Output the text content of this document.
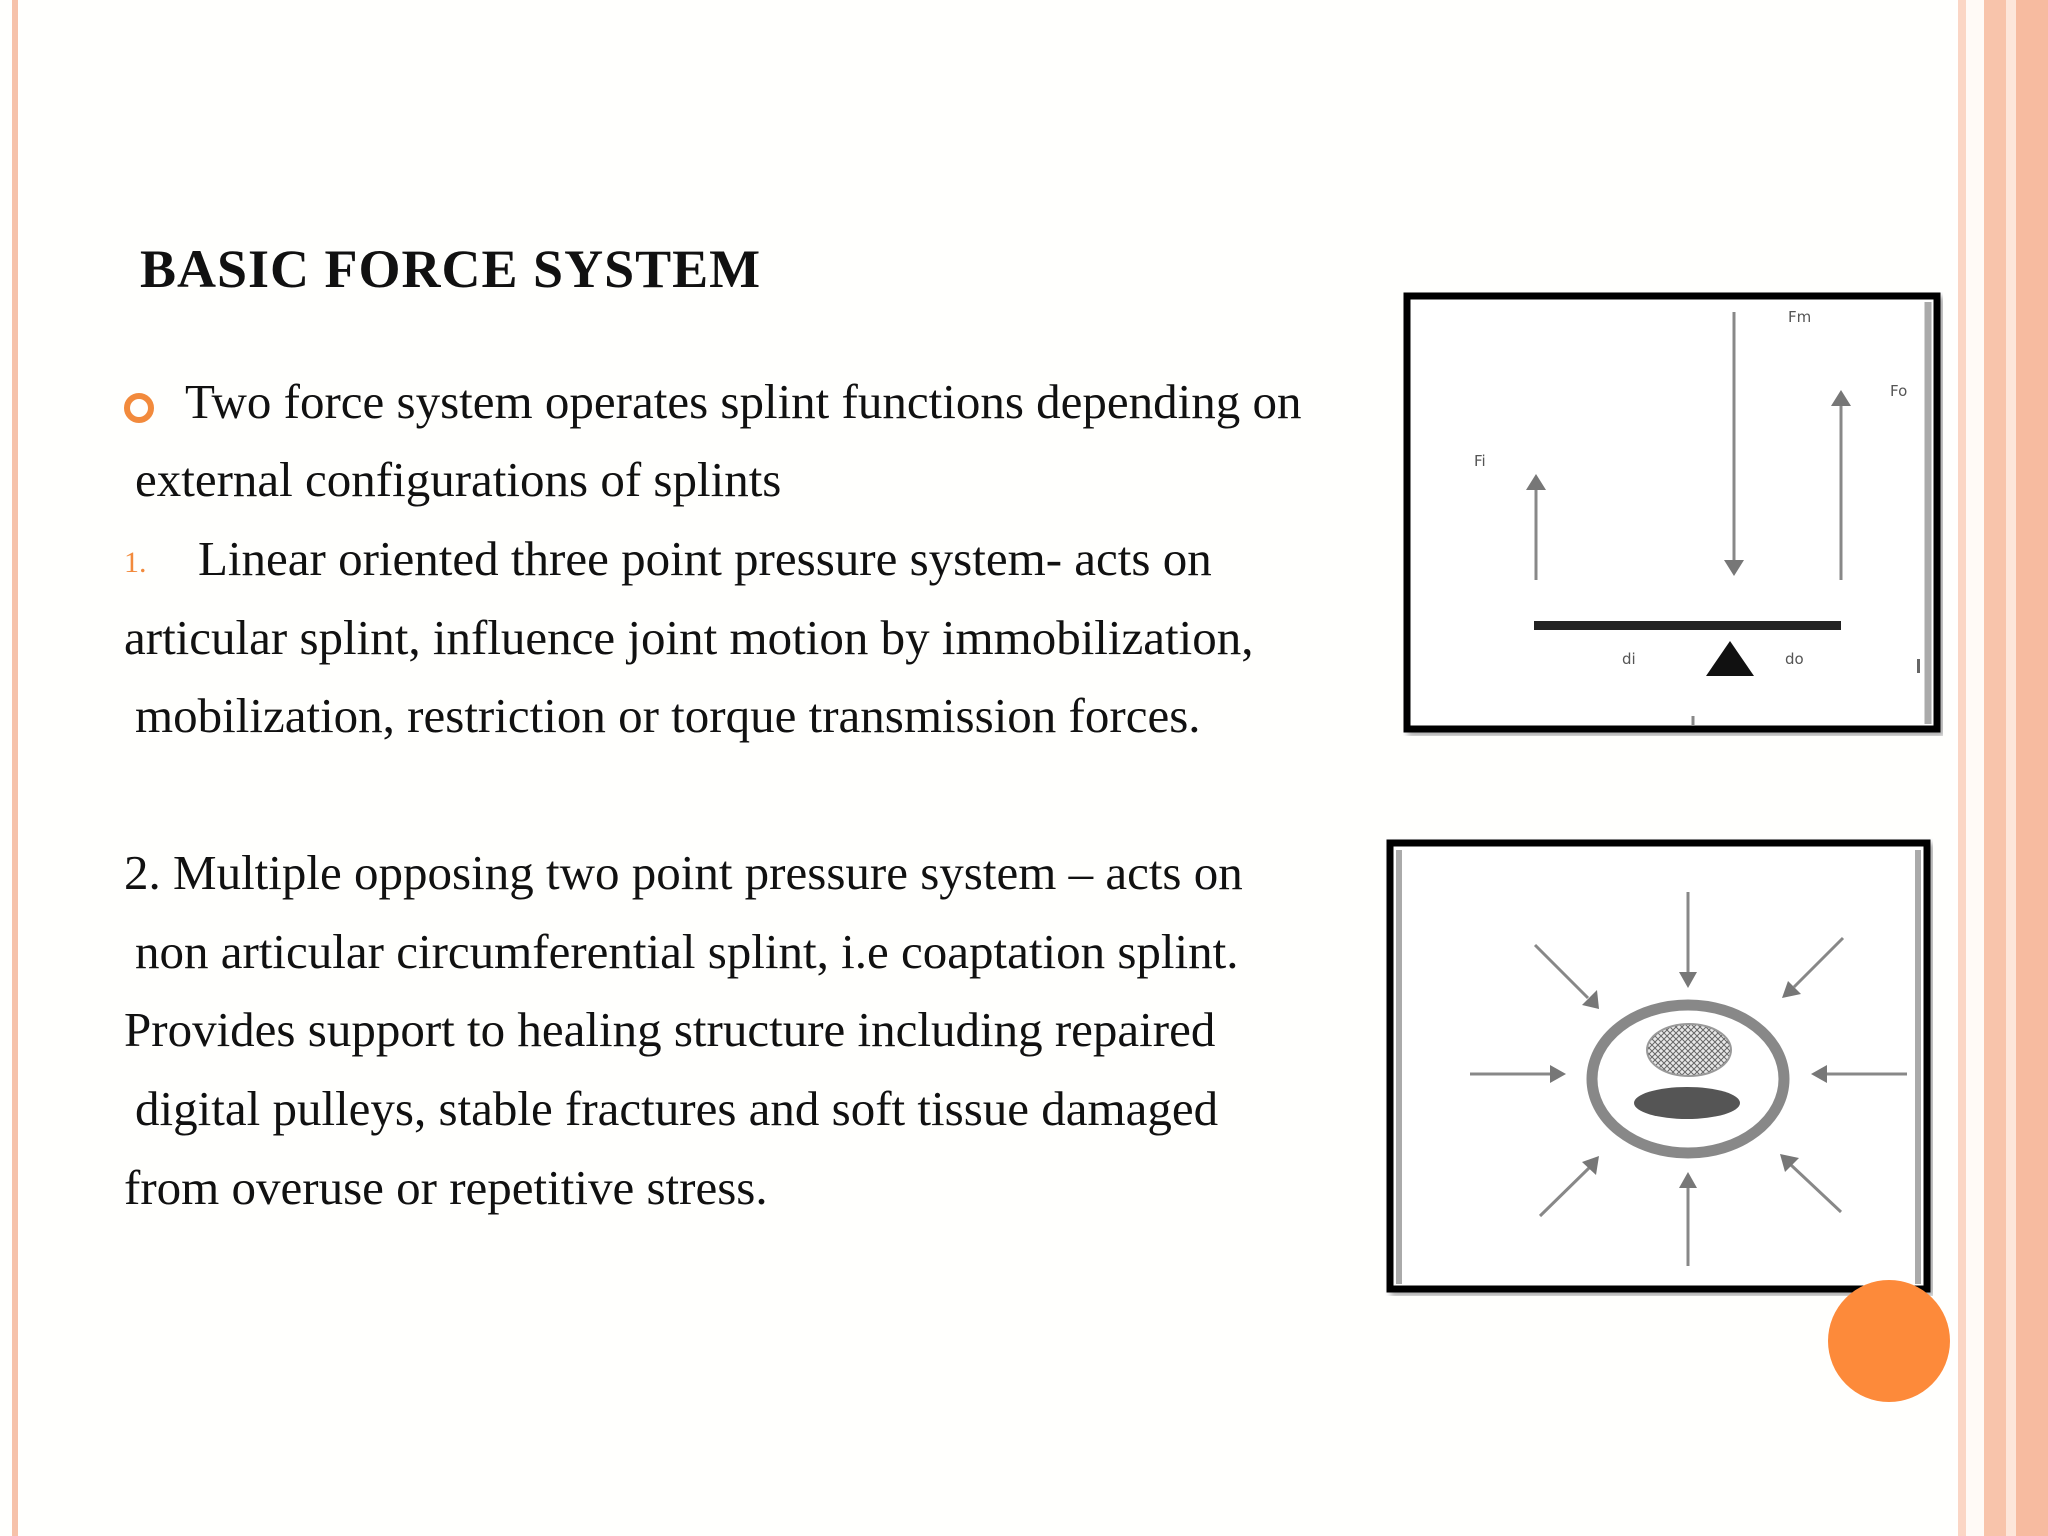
BASIC FORCE SYSTEM

Two force system operates splint functions depending on

external configurations of splints

1. Linear oriented three point pressure system- acts on

articular splint, influence joint motion by immobilization,

mobilization, restriction or torque transmission forces.

2. Multiple opposing two point pressure system – acts on

non articular circumferential splint, i.e coaptation splint.

Provides support to healing structure including repaired

digital pulleys, stable fractures and soft tissue damaged

from overuse or repetitive stress.

Fm
Fo
Fi
di	do
